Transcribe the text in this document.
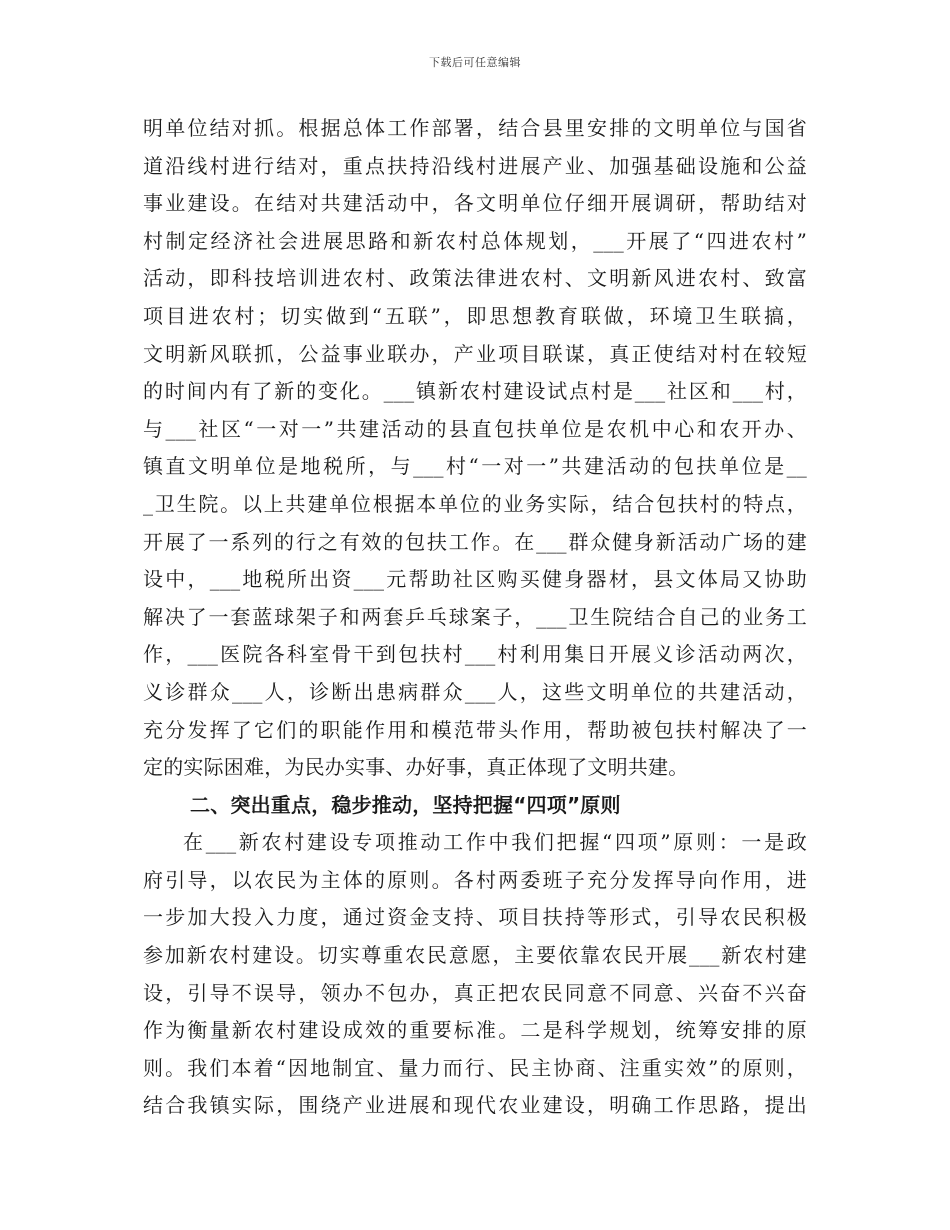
下载后可任意编辑
明单位结对抓。根据总体工作部署，结合县里安排的文明单位与国省
道沿线村进行结对，重点扶持沿线村进展产业、加强基础设施和公益
事业建设。在结对共建活动中，各文明单位仔细开展调研，帮助结对
村制定经济社会进展思路和新农村总体规划，___开展了“四进农村”
活动，即科技培训进农村、政策法律进农村、文明新风进农村、致富
项目进农村；切实做到“五联”，即思想教育联做，环境卫生联搞，
文明新风联抓，公益事业联办，产业项目联谋，真正使结对村在较短
的时间内有了新的变化。___镇新农村建设试点村是___社区和___村，
与___社区“一对一”共建活动的县直包扶单位是农机中心和农开办、
镇直文明单位是地税所，与___村“一对一”共建活动的包扶单位是__
_卫生院。以上共建单位根据本单位的业务实际，结合包扶村的特点，
开展了一系列的行之有效的包扶工作。在___群众健身新活动广场的建
设中，___地税所出资___元帮助社区购买健身器材，县文体局又协助
解决了一套蓝球架子和两套乒乓球案子，___卫生院结合自己的业务工
作，___医院各科室骨干到包扶村___村利用集日开展义诊活动两次，
义诊群众___人，诊断出患病群众___人，这些文明单位的共建活动，
充分发挥了它们的职能作用和模范带头作用，帮助被包扶村解决了一
定的实际困难，为民办实事、办好事，真正体现了文明共建。
二、突出重点，稳步推动，坚持把握“四项”原则
在___新农村建设专项推动工作中我们把握“四项”原则：一是政
府引导，以农民为主体的原则。各村两委班子充分发挥导向作用，进
一步加大投入力度，通过资金支持、项目扶持等形式，引导农民积极
参加新农村建设。切实尊重农民意愿，主要依靠农民开展___新农村建
设，引导不误导，领办不包办，真正把农民同意不同意、兴奋不兴奋
作为衡量新农村建设成效的重要标准。二是科学规划，统筹安排的原
则。我们本着“因地制宜、量力而行、民主协商、注重实效”的原则，
结合我镇实际，围绕产业进展和现代农业建设，明确工作思路，提出
